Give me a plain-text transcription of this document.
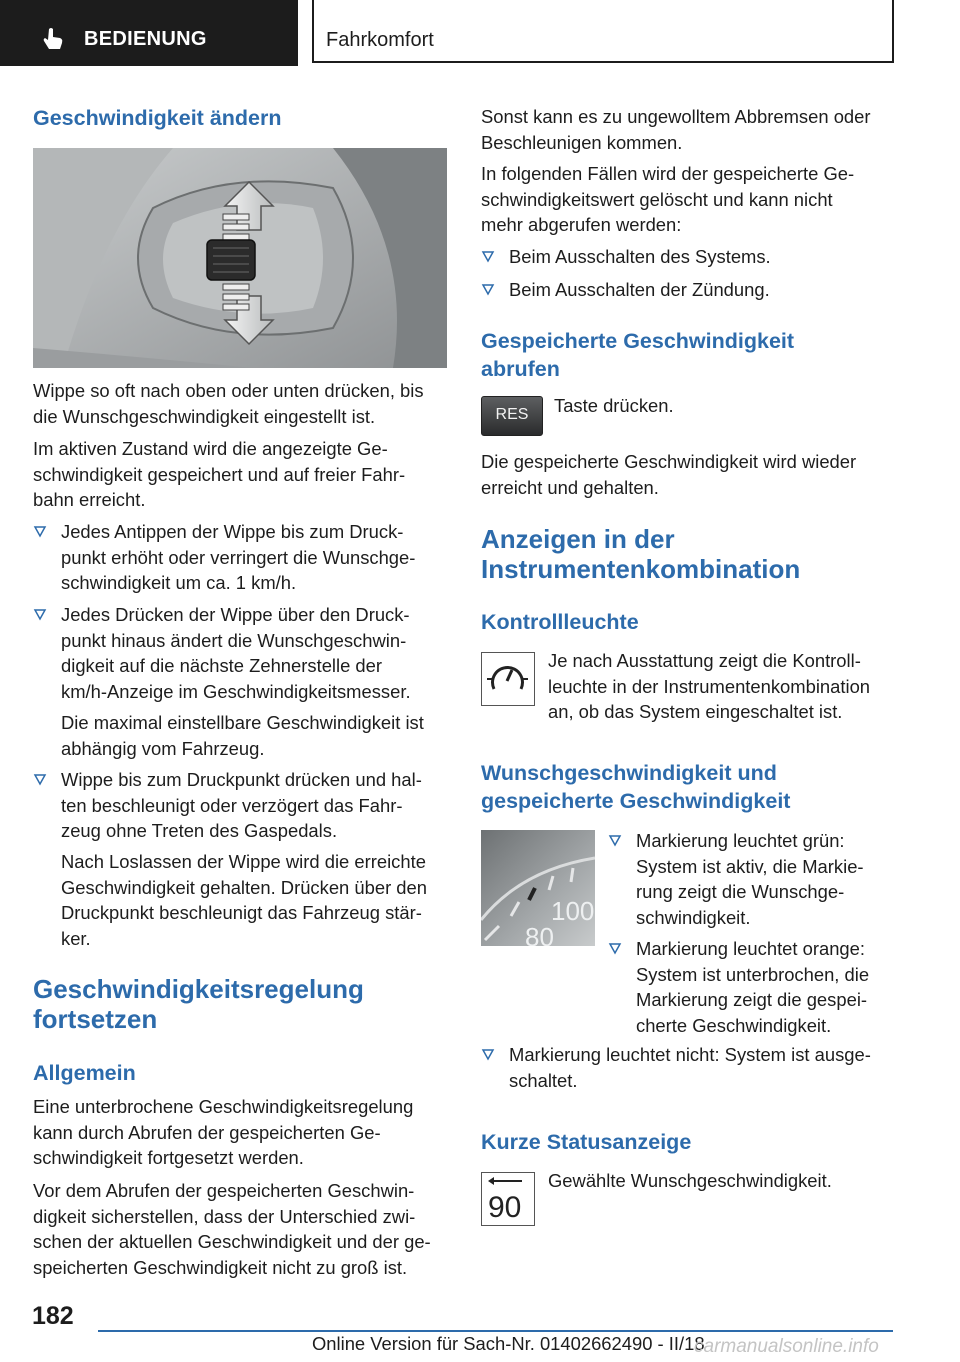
BEDIENUNG	Fahrkomfort
Geschwindigkeit ändern
Wippe so oft nach oben oder unten drücken, bis
die Wunschgeschwindigkeit eingestellt ist.
Im aktiven Zustand wird die angezeigte Ge-
schwindigkeit gespeichert und auf freier Fahr-
bahn erreicht.
Jedes Antippen der Wippe bis zum Druck-
punkt erhöht oder verringert die Wunschge-
schwindigkeit um ca. 1 km/h.
Jedes Drücken der Wippe über den Druck-
punkt hinaus ändert die Wunschgeschwin-
digkeit auf die nächste Zehnerstelle der
km/h-Anzeige im Geschwindigkeitsmesser.
Die maximal einstellbare Geschwindigkeit ist
abhängig vom Fahrzeug.
Wippe bis zum Druckpunkt drücken und hal-
ten beschleunigt oder verzögert das Fahr-
zeug ohne Treten des Gaspedals.
Nach Loslassen der Wippe wird die erreichte
Geschwindigkeit gehalten. Drücken über den
Druckpunkt beschleunigt das Fahrzeug stär-
ker.
Geschwindigkeitsregelung
fortsetzen
Allgemein
Eine unterbrochene Geschwindigkeitsregelung
kann durch Abrufen der gespeicherten Ge-
schwindigkeit fortgesetzt werden.
Vor dem Abrufen der gespeicherten Geschwin-
digkeit sicherstellen, dass der Unterschied zwi-
schen der aktuellen Geschwindigkeit und der ge-
speicherten Geschwindigkeit nicht zu groß ist.
Sonst kann es zu ungewolltem Abbremsen oder
Beschleunigen kommen.
In folgenden Fällen wird der gespeicherte Ge-
schwindigkeitswert gelöscht und kann nicht
mehr abgerufen werden:
Beim Ausschalten des Systems.
Beim Ausschalten der Zündung.
Gespeicherte Geschwindigkeit
abrufen
RES	Taste drücken.
Die gespeicherte Geschwindigkeit wird wieder
erreicht und gehalten.
Anzeigen in der
Instrumentenkombination
Kontrollleuchte
Je nach Ausstattung zeigt die Kontroll-
leuchte in der Instrumentenkombination
an, ob das System eingeschaltet ist.
Wunschgeschwindigkeit und
gespeicherte Geschwindigkeit
100
80
Markierung leuchtet grün:
System ist aktiv, die Markie-
rung zeigt die Wunschge-
schwindigkeit.
Markierung leuchtet orange:
System ist unterbrochen, die
Markierung zeigt die gespei-
cherte Geschwindigkeit.
Markierung leuchtet nicht: System ist ausge-
schaltet.
Kurze Statusanzeige
90
Gewählte Wunschgeschwindigkeit.
182
Online Version für Sach-Nr. 01402662490 - II/18
carmanualsonline.info
